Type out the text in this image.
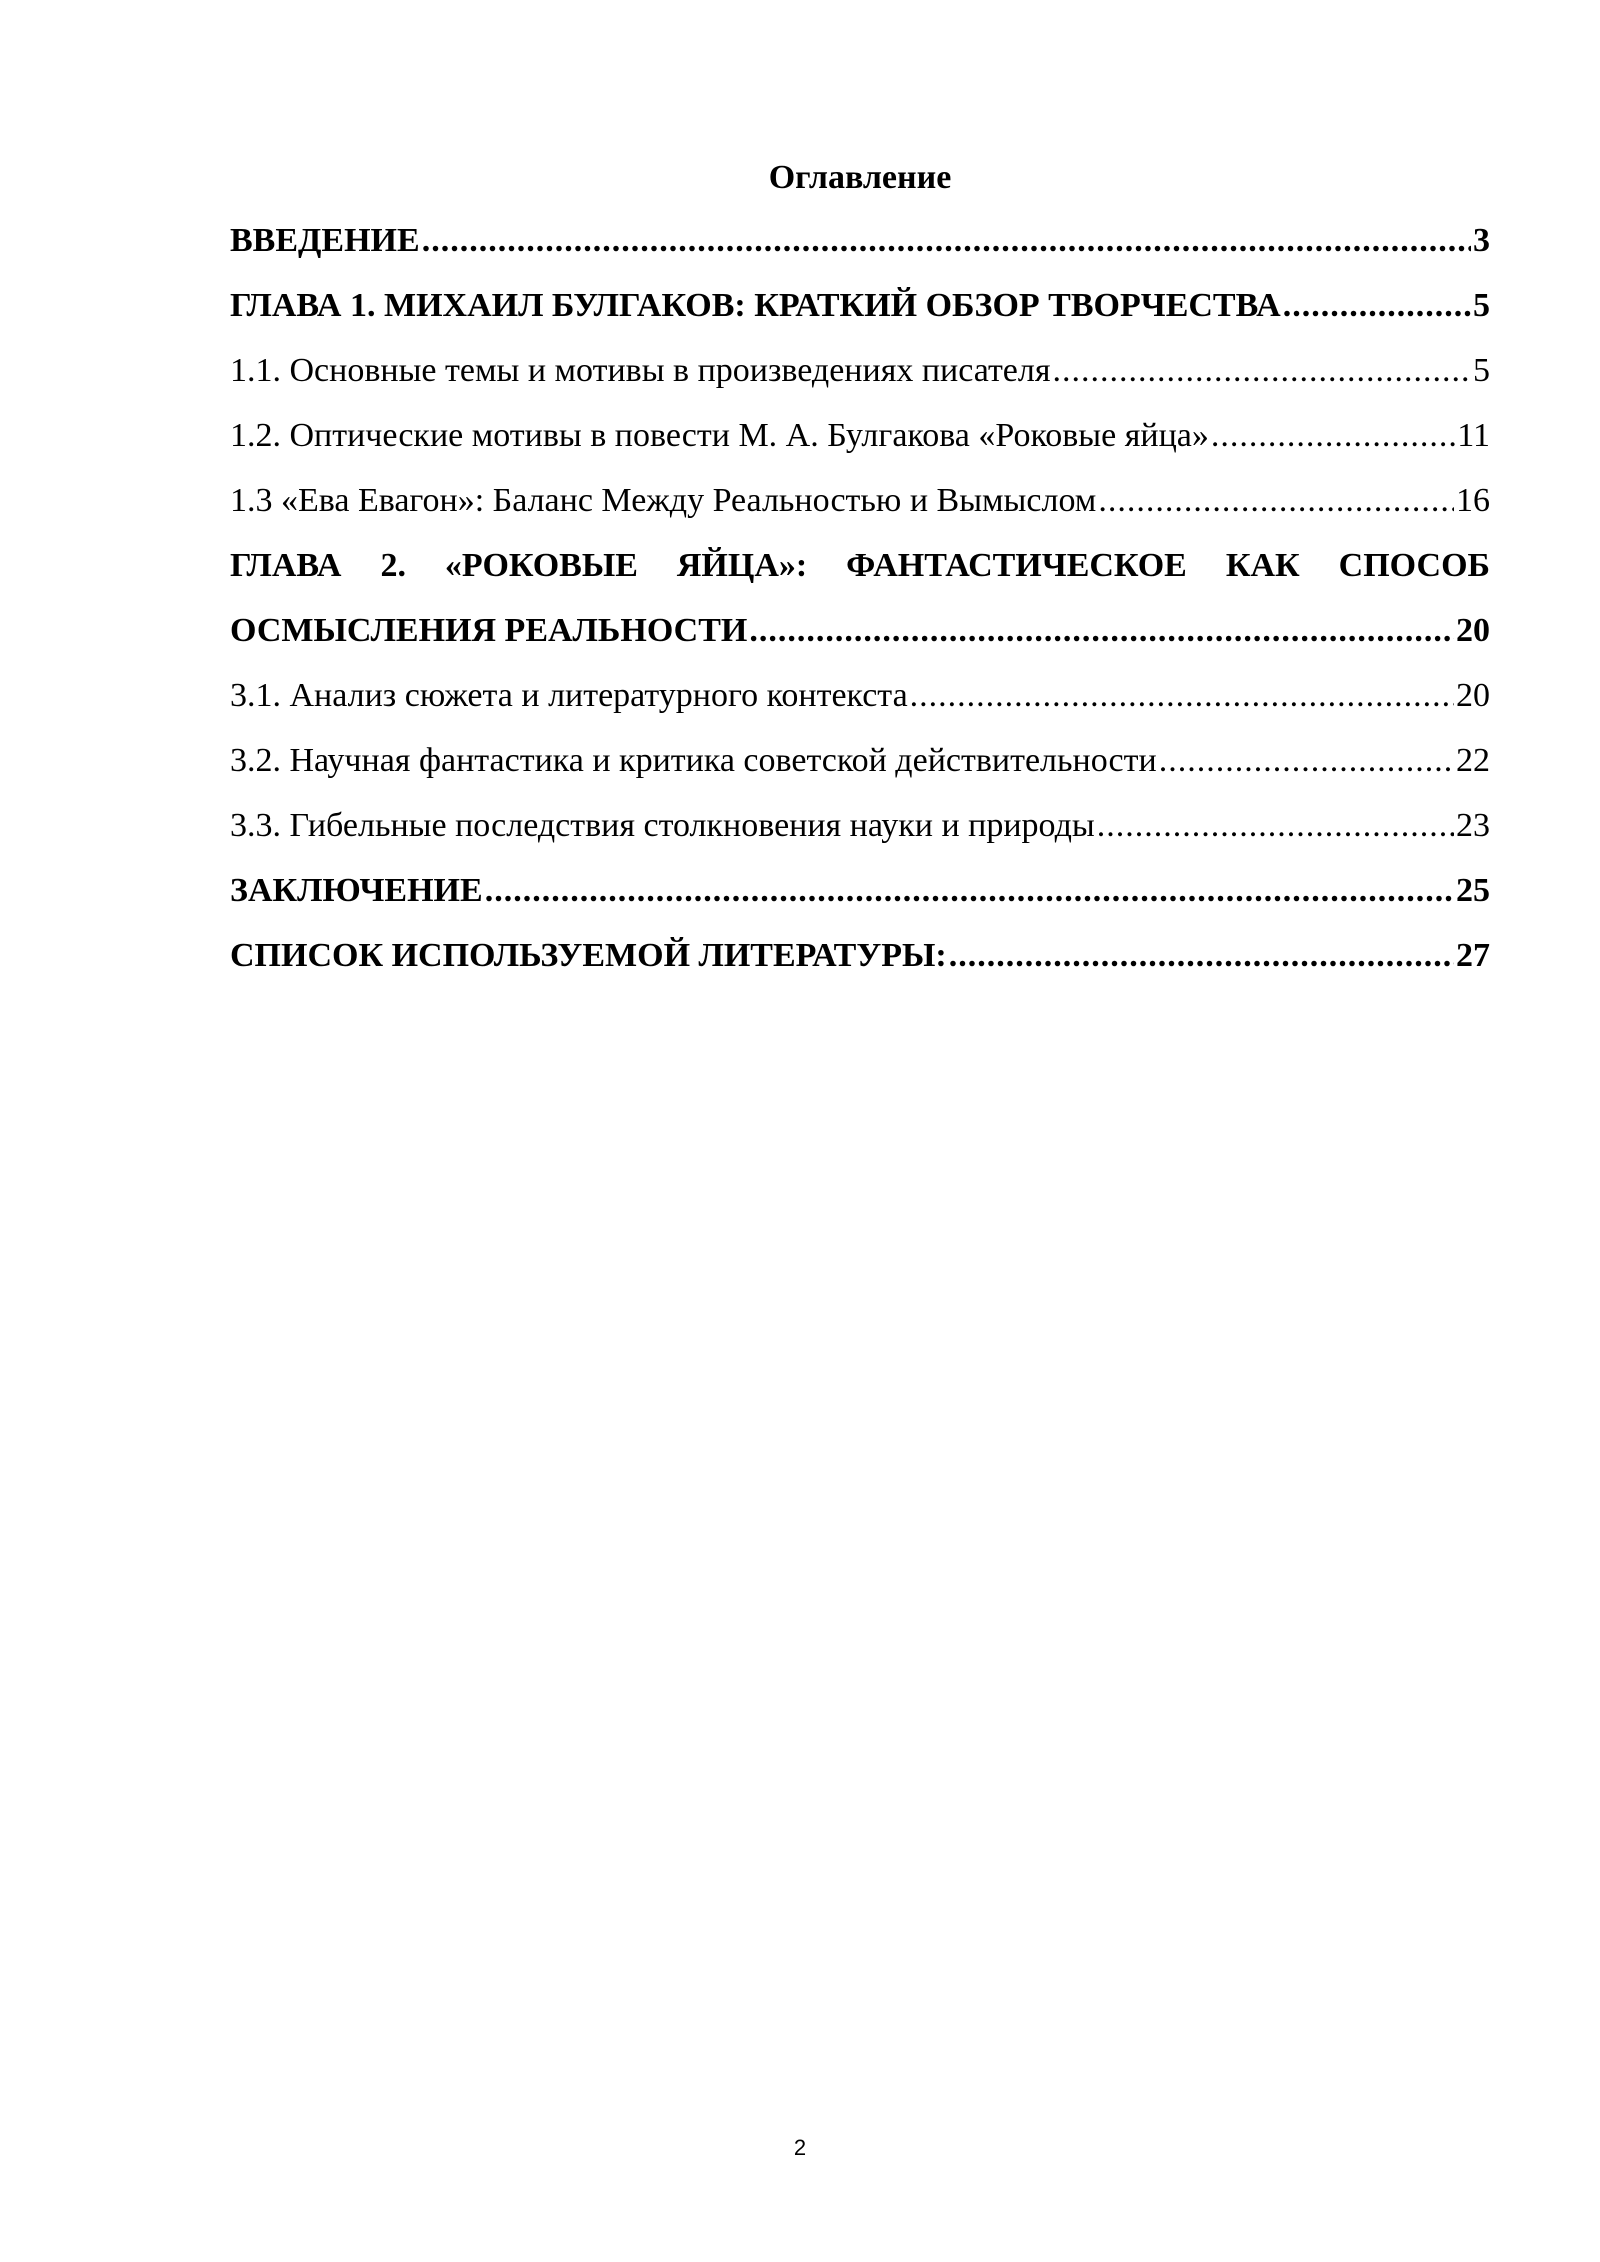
Оглавление
ВВЕДЕНИЕ .....	3
ГЛАВА 1. МИХАИЛ БУЛГАКОВ: КРАТКИЙ ОБЗОР ТВОРЧЕСТВА .....	5
1.1. Основные темы и мотивы в произведениях писателя .....	5
1.2. Оптические мотивы в повести М. А. Булгакова «Роковые яйца» .....	11
1.3 «Ева Евагон»: Баланс Между Реальностью и Вымыслом .....	16
ГЛАВА 2. «РОКОВЫЕ ЯЙЦА»: ФАНТАСТИЧЕСКОЕ КАК СПОСОБ
ОСМЫСЛЕНИЯ РЕАЛЬНОСТИ .....	20
3.1. Анализ сюжета и литературного контекста .....	20
3.2. Научная фантастика и критика советской действительности .....	22
3.3. Гибельные последствия столкновения науки и природы .....	23
ЗАКЛЮЧЕНИЕ .....	25
СПИСОК ИСПОЛЬЗУЕМОЙ ЛИТЕРАТУРЫ: .....	27
2
